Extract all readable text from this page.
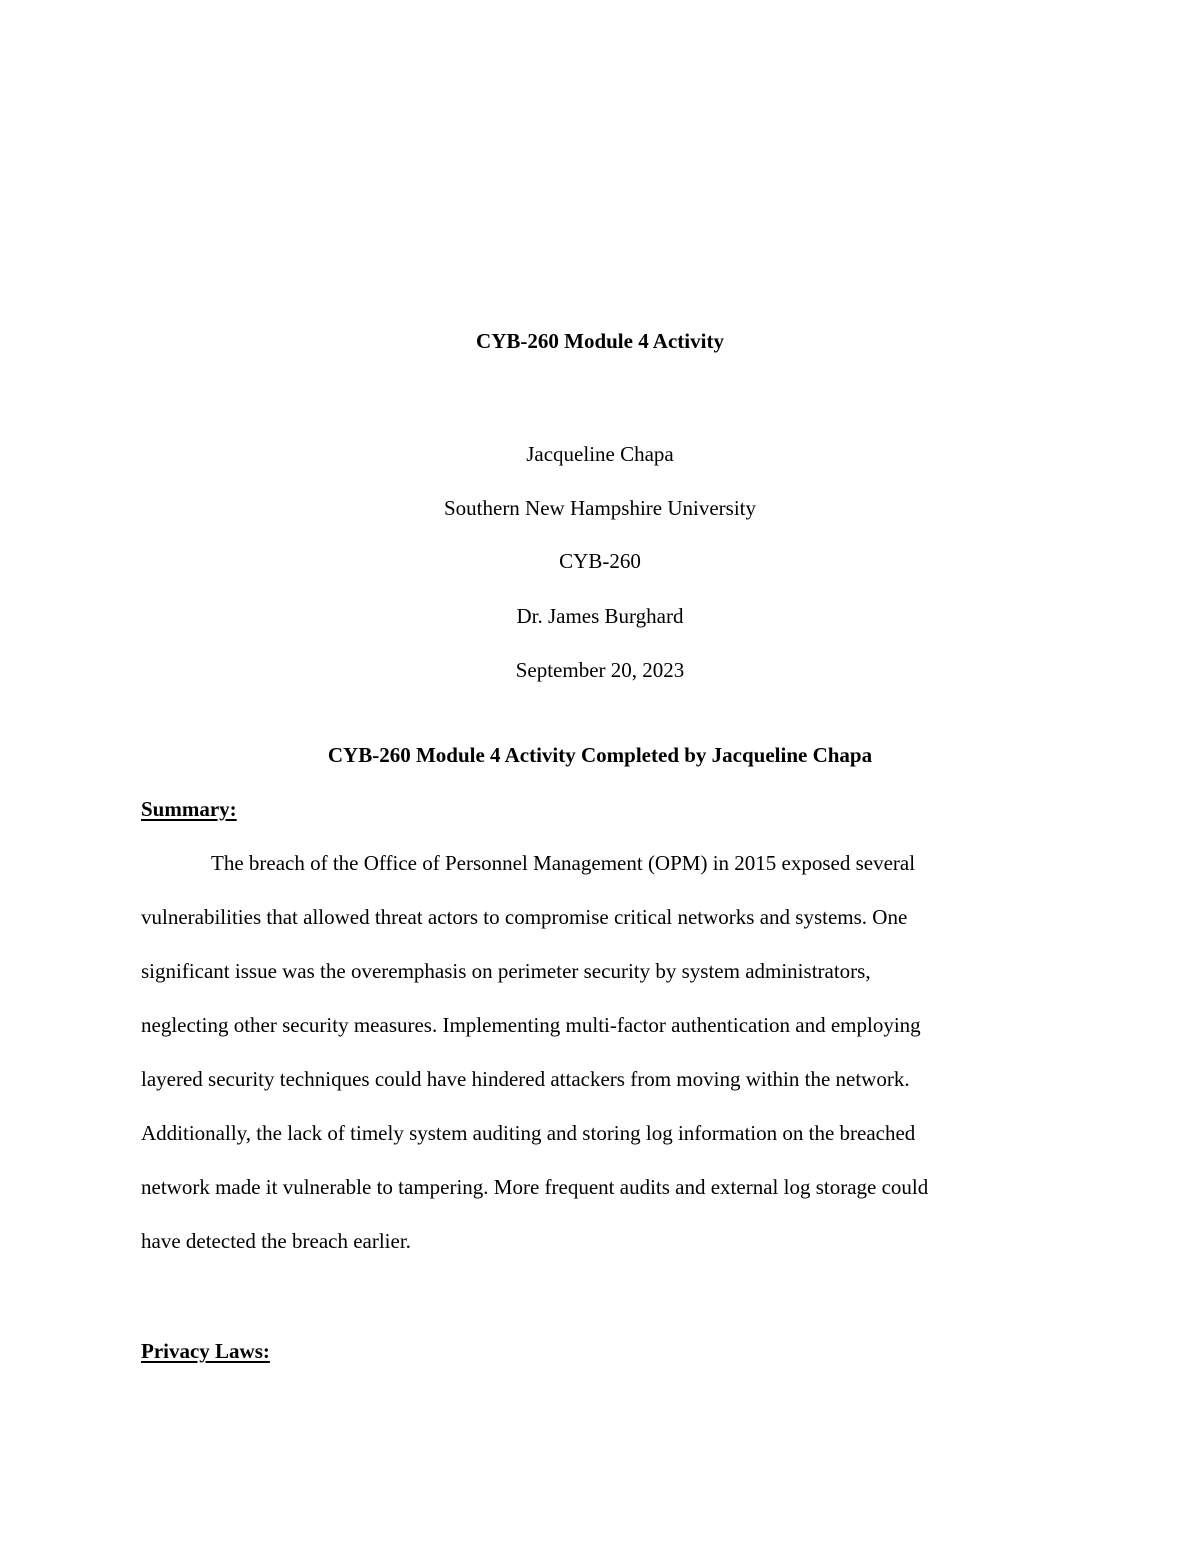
CYB-260 Module 4 Activity
Jacqueline Chapa
Southern New Hampshire University
CYB-260
Dr. James Burghard
September 20, 2023
CYB-260 Module 4 Activity Completed by Jacqueline Chapa
Summary:
The breach of the Office of Personnel Management (OPM) in 2015 exposed several
vulnerabilities that allowed threat actors to compromise critical networks and systems. One
significant issue was the overemphasis on perimeter security by system administrators,
neglecting other security measures. Implementing multi-factor authentication and employing
layered security techniques could have hindered attackers from moving within the network.
Additionally, the lack of timely system auditing and storing log information on the breached
network made it vulnerable to tampering. More frequent audits and external log storage could
have detected the breach earlier.
Privacy Laws:
